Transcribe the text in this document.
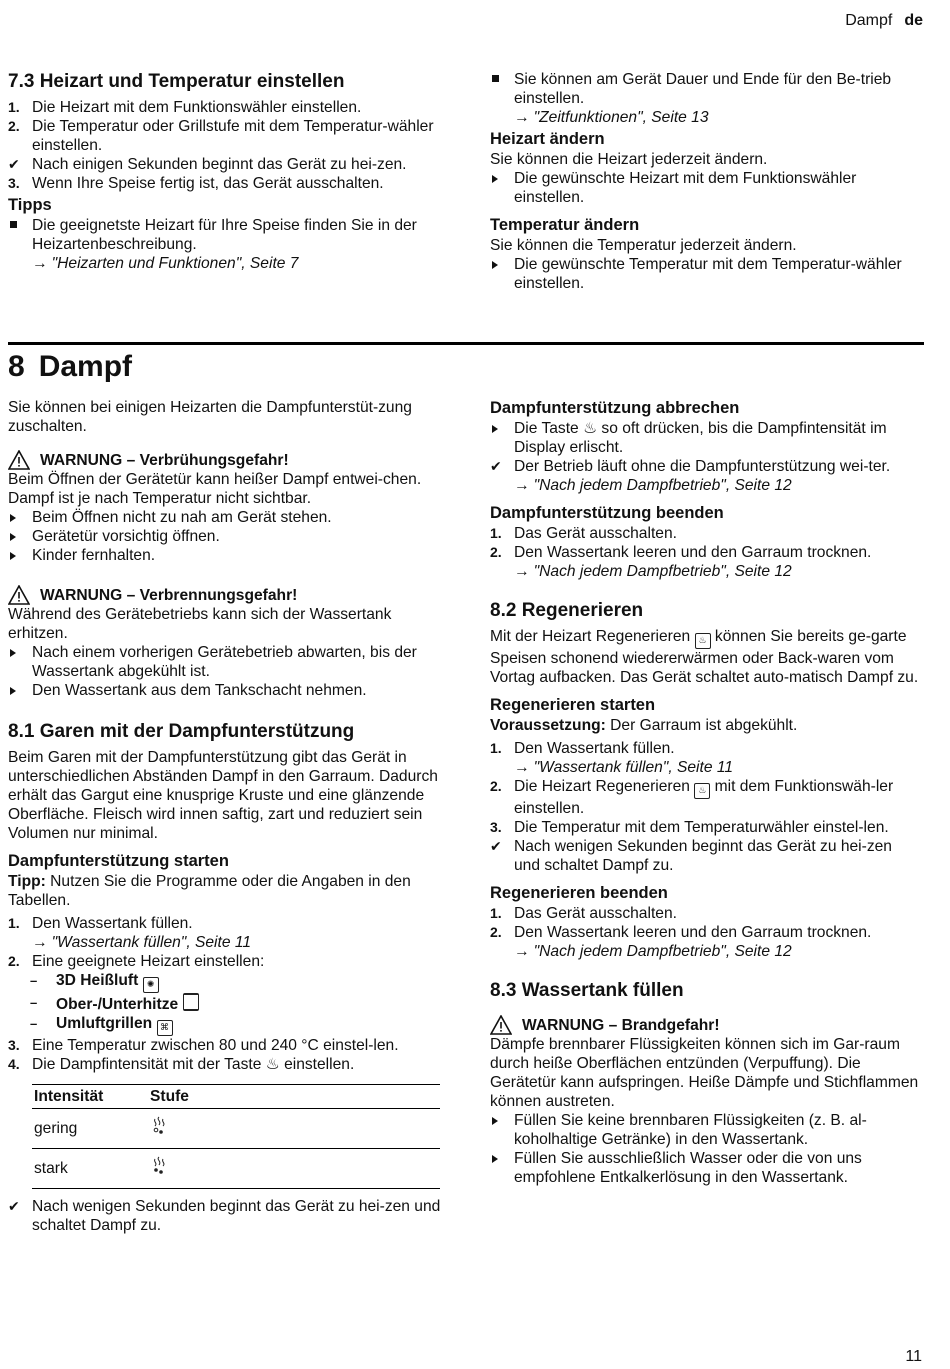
Dampf de
7.3 Heizart und Temperatur einstellen
1. Die Heizart mit dem Funktionswähler einstellen.
2. Die Temperatur oder Grillstufe mit dem Temperatur-wähler einstellen.
✔ Nach einigen Sekunden beginnt das Gerät zu hei-zen.
3. Wenn Ihre Speise fertig ist, das Gerät ausschalten.
Tipps
Die geeignetste Heizart für Ihre Speise finden Sie in der Heizartenbeschreibung.
→ "Heizarten und Funktionen", Seite 7
Sie können am Gerät Dauer und Ende für den Be-trieb einstellen.
→ "Zeitfunktionen", Seite 13
Heizart ändern

Sie können die Heizart jederzeit ändern.

Die gewünschte Heizart mit dem Funktionswähler einstellen.
Temperatur ändern

Sie können die Temperatur jederzeit ändern.

Die gewünschte Temperatur mit dem Temperatur-wähler einstellen.
8 Dampf

Sie können bei einigen Heizarten die Dampfunterstüt-zung zuschalten.

WARNUNG – Verbrühungsgefahr!

Beim Öffnen der Gerätetür kann heißer Dampf entwei-chen. Dampf ist je nach Temperatur nicht sichtbar.

Beim Öffnen nicht zu nah am Gerät stehen.
Gerätetür vorsichtig öffnen.
Kinder fernhalten.
WARNUNG – Verbrennungsgefahr!

Während des Gerätebetriebs kann sich der Wassertank erhitzen.

Nach einem vorherigen Gerätebetrieb abwarten, bis der Wassertank abgekühlt ist.
Den Wassertank aus dem Tankschacht nehmen.
8.1 Garen mit der Dampfunterstützung

Beim Garen mit der Dampfunterstützung gibt das Gerät in unterschiedlichen Abständen Dampf in den Garraum. Dadurch erhält das Gargut eine knusprige Kruste und eine glänzende Oberfläche. Fleisch wird innen saftig, zart und reduziert sein Volumen nur minimal.

Dampfunterstützung starten

Tipp: Nutzen Sie die Programme oder die Angaben in den Tabellen.

1. Den Wassertank füllen.
→ "Wassertank füllen", Seite 11
2. Eine geeignete Heizart einstellen:
–	3D Heißluft ✺
–	Ober-/Unterhitze
–	Umluftgrillen ⌘
3. Eine Temperatur zwischen 80 und 240 °C einstel-len.
4. Die Dampfintensität mit der Taste ♨ einstellen.
Intensität	Stufe
gering	
stark	
✔ Nach wenigen Sekunden beginnt das Gerät zu hei-zen und schaltet Dampf zu.
Dampfunterstützung abbrechen
Die Taste ♨ so oft drücken, bis die Dampfintensität im Display erlischt.
✔ Der Betrieb läuft ohne die Dampfunterstützung wei-ter.
→ "Nach jedem Dampfbetrieb", Seite 12
Dampfunterstützung beenden
1. Das Gerät ausschalten.
2. Den Wassertank leeren und den Garraum trocknen.
→ "Nach jedem Dampfbetrieb", Seite 12
8.2 Regenerieren

Mit der Heizart Regenerieren ♨ können Sie bereits ge-garte Speisen schonend wiedererwärmen oder Back-waren vom Vortag aufbacken. Das Gerät schaltet auto-matisch Dampf zu.

Regenerieren starten

Voraussetzung: Der Garraum ist abgekühlt.

1. Den Wassertank füllen.
→ "Wassertank füllen", Seite 11
2. Die Heizart Regenerieren ♨ mit dem Funktionswäh-ler einstellen.
3. Die Temperatur mit dem Temperaturwähler einstel-len.
✔ Nach wenigen Sekunden beginnt das Gerät zu hei-zen und schaltet Dampf zu.
Regenerieren beenden
1. Das Gerät ausschalten.
2. Den Wassertank leeren und den Garraum trocknen.
→ "Nach jedem Dampfbetrieb", Seite 12
8.3 Wassertank füllen
WARNUNG – Brandgefahr!

Dämpfe brennbarer Flüssigkeiten können sich im Gar-raum durch heiße Oberflächen entzünden (Verpuffung). Die Gerätetür kann aufspringen. Heiße Dämpfe und Stichflammen können austreten.

Füllen Sie keine brennbaren Flüssigkeiten (z. B. al-koholhaltige Getränke) in den Wassertank.
Füllen Sie ausschließlich Wasser oder die von uns empfohlene Entkalkerlösung in den Wassertank.
11
